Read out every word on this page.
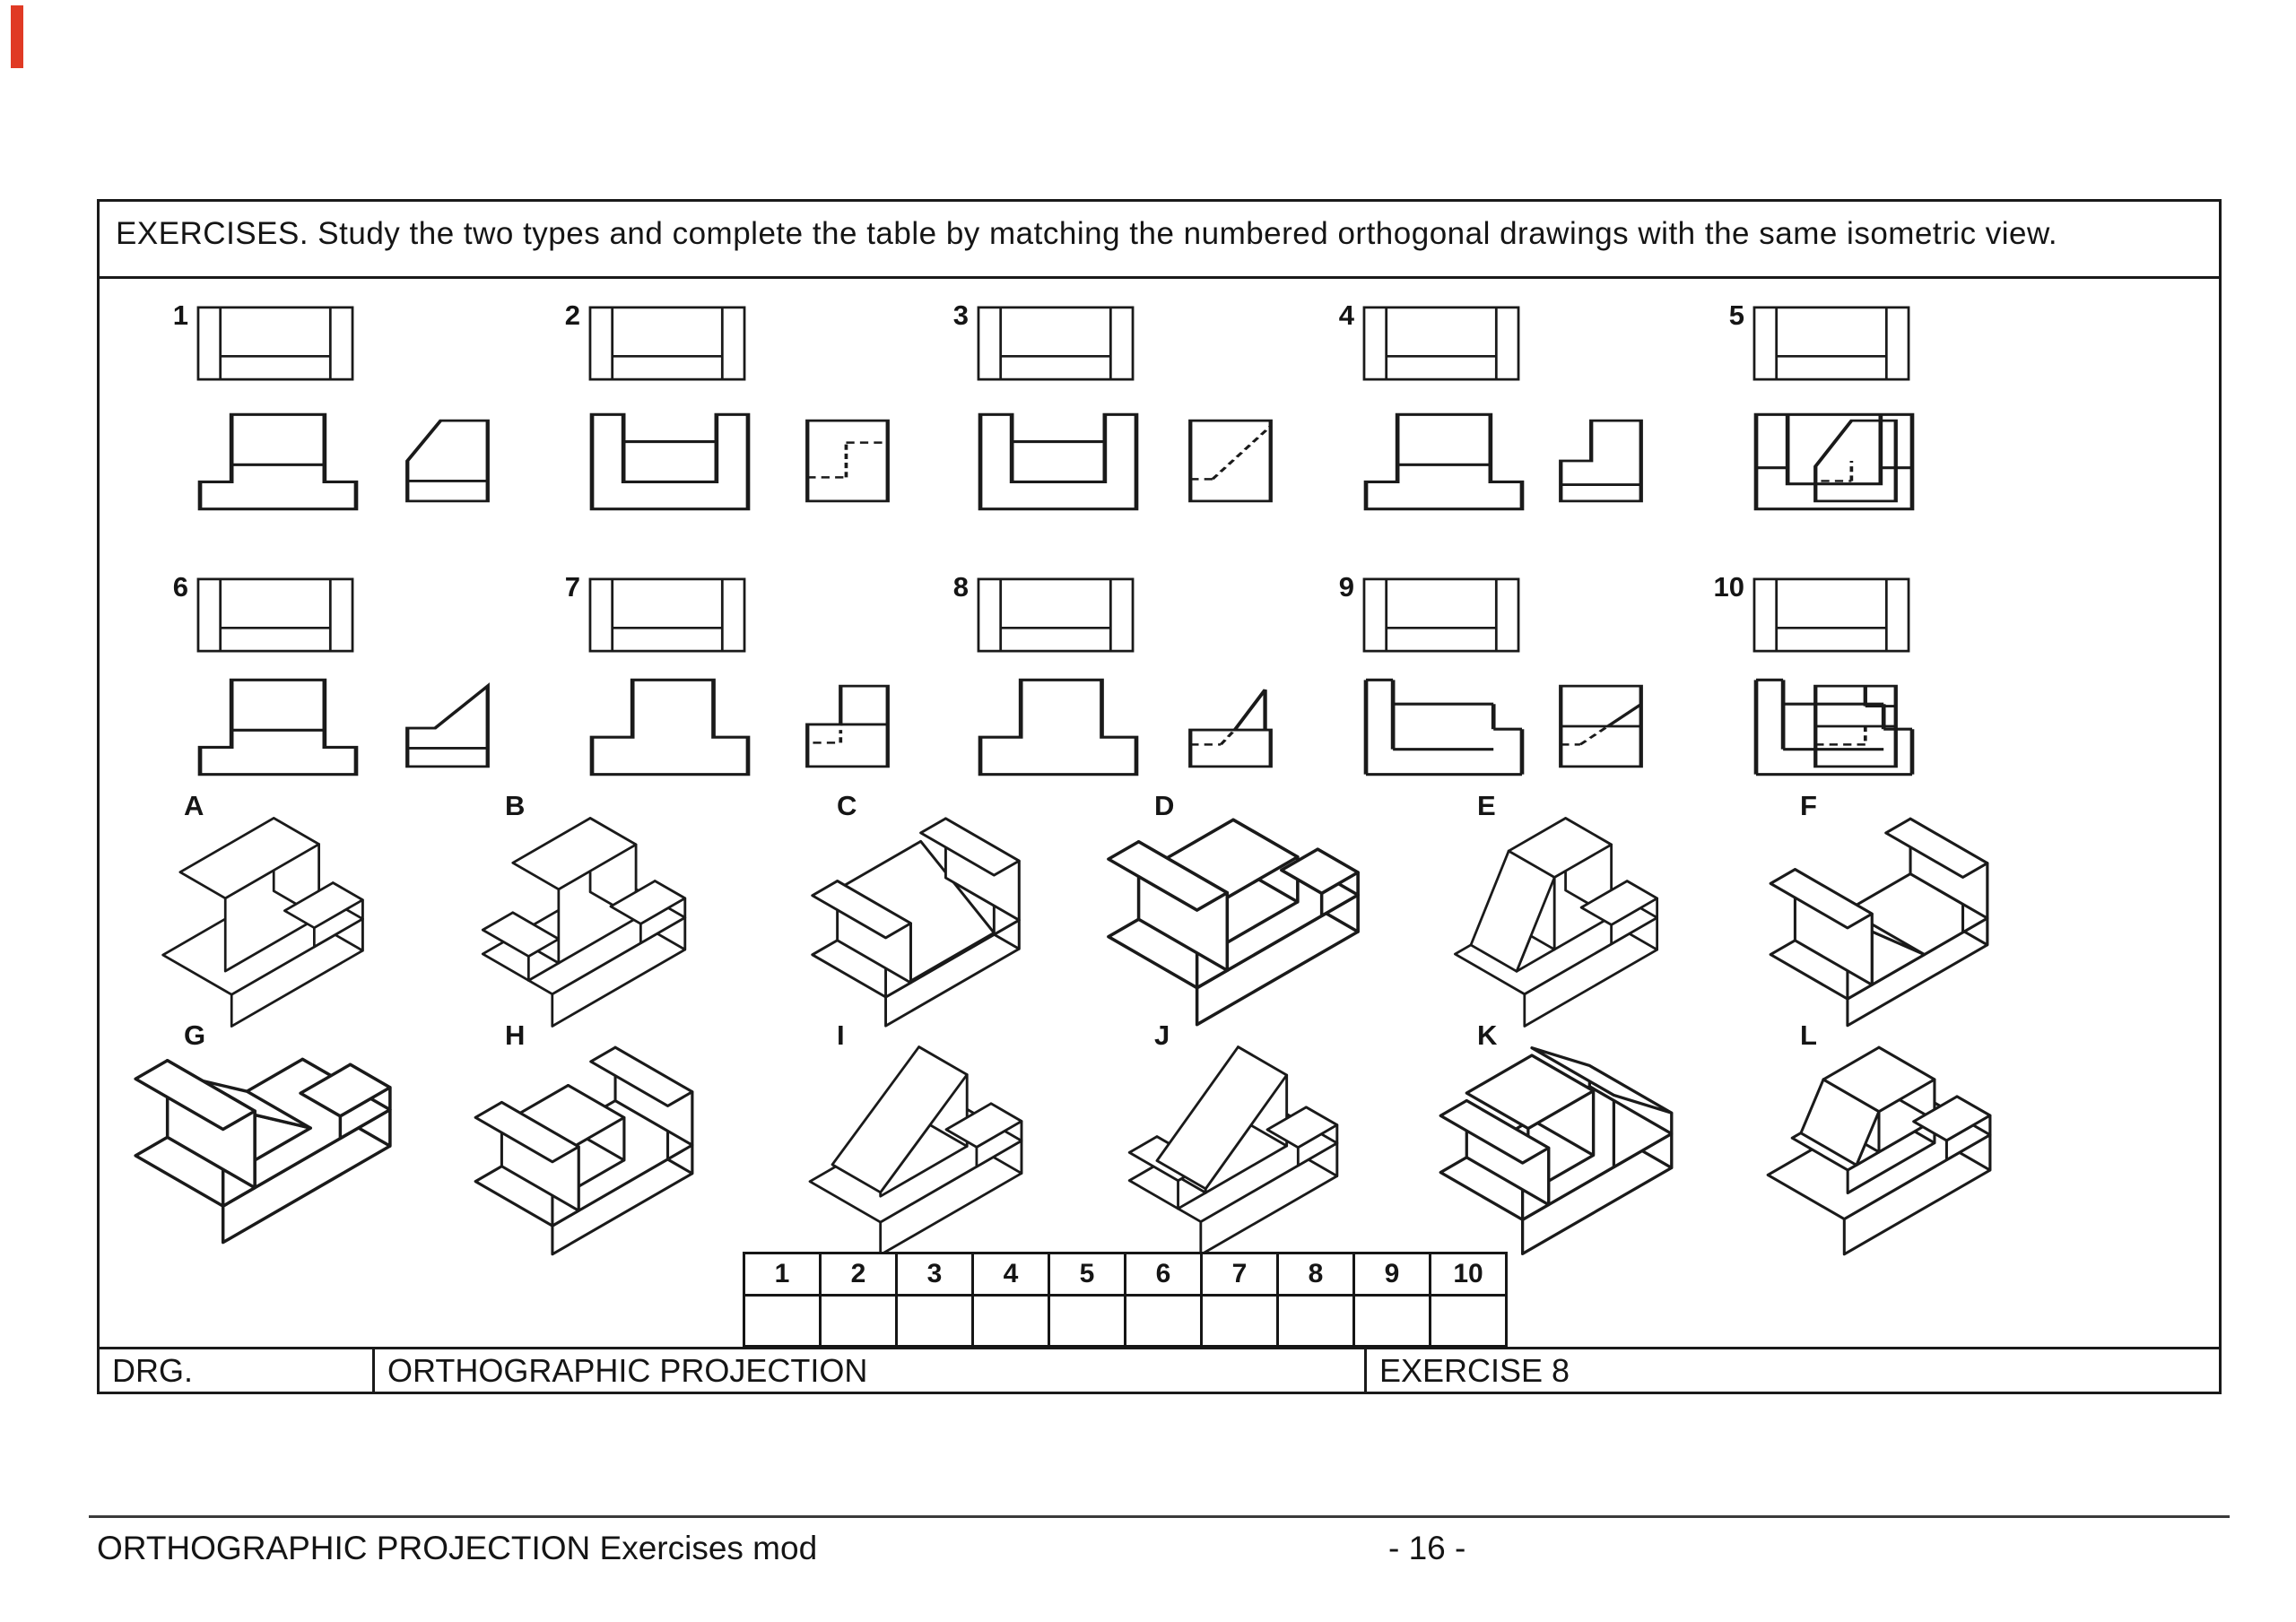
EXERCISES. Study the two types and complete the table by matching the numbered orthogonal drawings with the same isometric view.
1	2	3	4	5
6	7	8	9	10
A	B	C	D	E	F
G	H	I	J	K	L
DRG.	ORTHOGRAPHIC PROJECTION	EXERCISE 8
1	2	3	4	5	6	7	8	9	10

ORTHOGRAPHIC PROJECTION Exercises mod	- 16 -
